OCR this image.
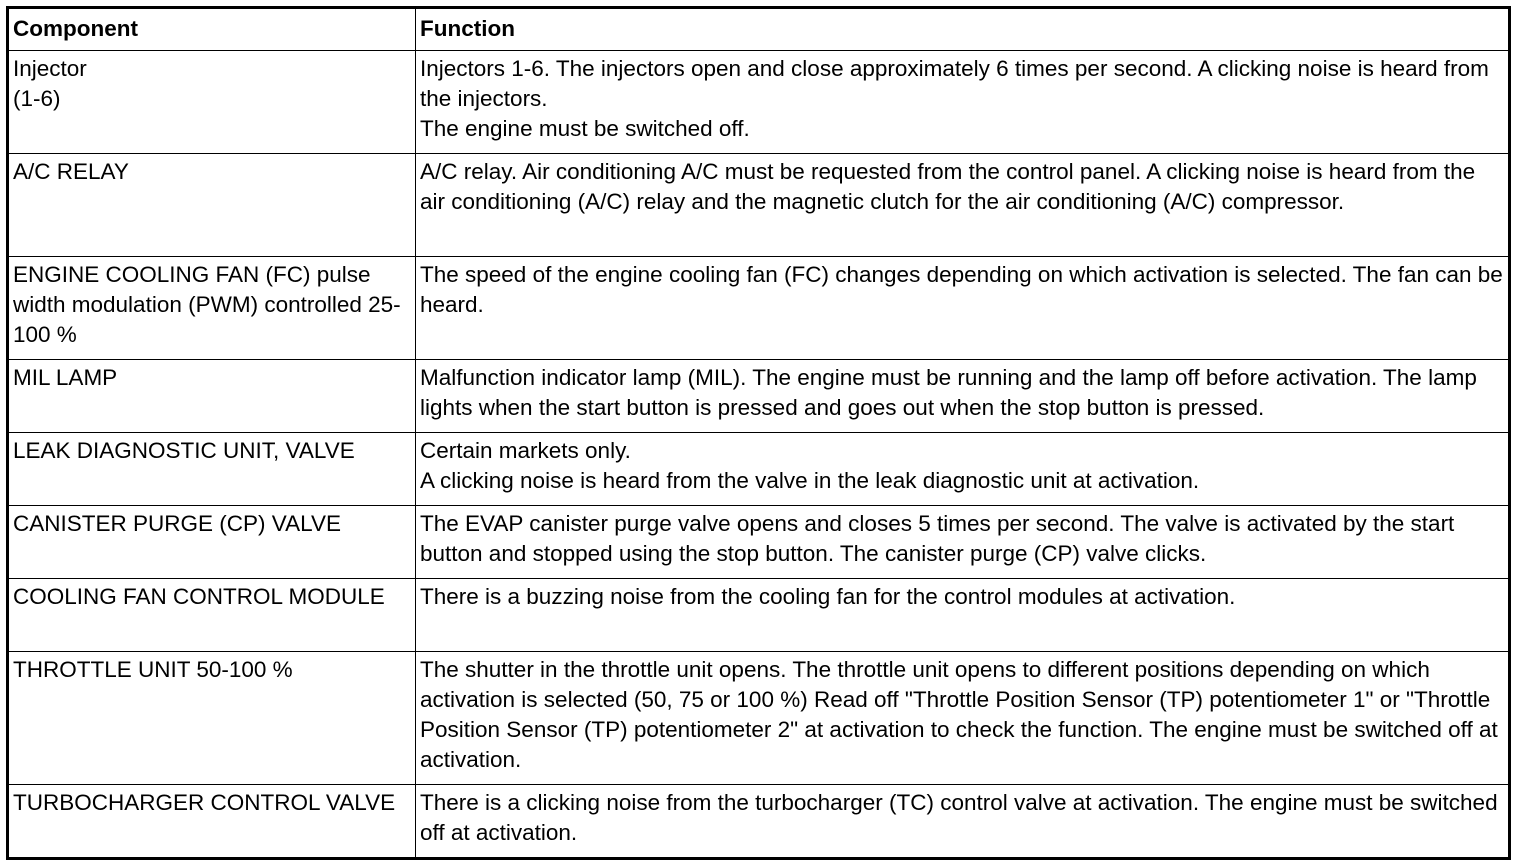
Component	Function
Injector
(1-6)	Injectors 1-6. The injectors open and close approximately 6 times per second. A clicking noise is heard from the injectors.
The engine must be switched off.
A/C RELAY	A/C relay. Air conditioning A/C must be requested from the control panel. A clicking noise is heard from the air conditioning (A/C) relay and the magnetic clutch for the air conditioning (A/C) compressor.
ENGINE COOLING FAN (FC) pulse width modulation (PWM) controlled 25-100 %	The speed of the engine cooling fan (FC) changes depending on which activation is selected. The fan can be heard.
MIL LAMP	Malfunction indicator lamp (MIL). The engine must be running and the lamp off before activation. The lamp lights when the start button is pressed and goes out when the stop button is pressed.
LEAK DIAGNOSTIC UNIT, VALVE	Certain markets only.
A clicking noise is heard from the valve in the leak diagnostic unit at activation.
CANISTER PURGE (CP) VALVE	The EVAP canister purge valve opens and closes 5 times per second. The valve is activated by the start button and stopped using the stop button. The canister purge (CP) valve clicks.
COOLING FAN CONTROL MODULE	There is a buzzing noise from the cooling fan for the control modules at activation.
THROTTLE UNIT 50-100 %	The shutter in the throttle unit opens. The throttle unit opens to different positions depending on which activation is selected (50, 75 or 100 %) Read off "Throttle Position Sensor (TP) potentiometer 1" or "Throttle Position Sensor (TP) potentiometer 2" at activation to check the function. The engine must be switched off at activation.
TURBOCHARGER CONTROL VALVE	There is a clicking noise from the turbocharger (TC) control valve at activation. The engine must be switched off at activation.
